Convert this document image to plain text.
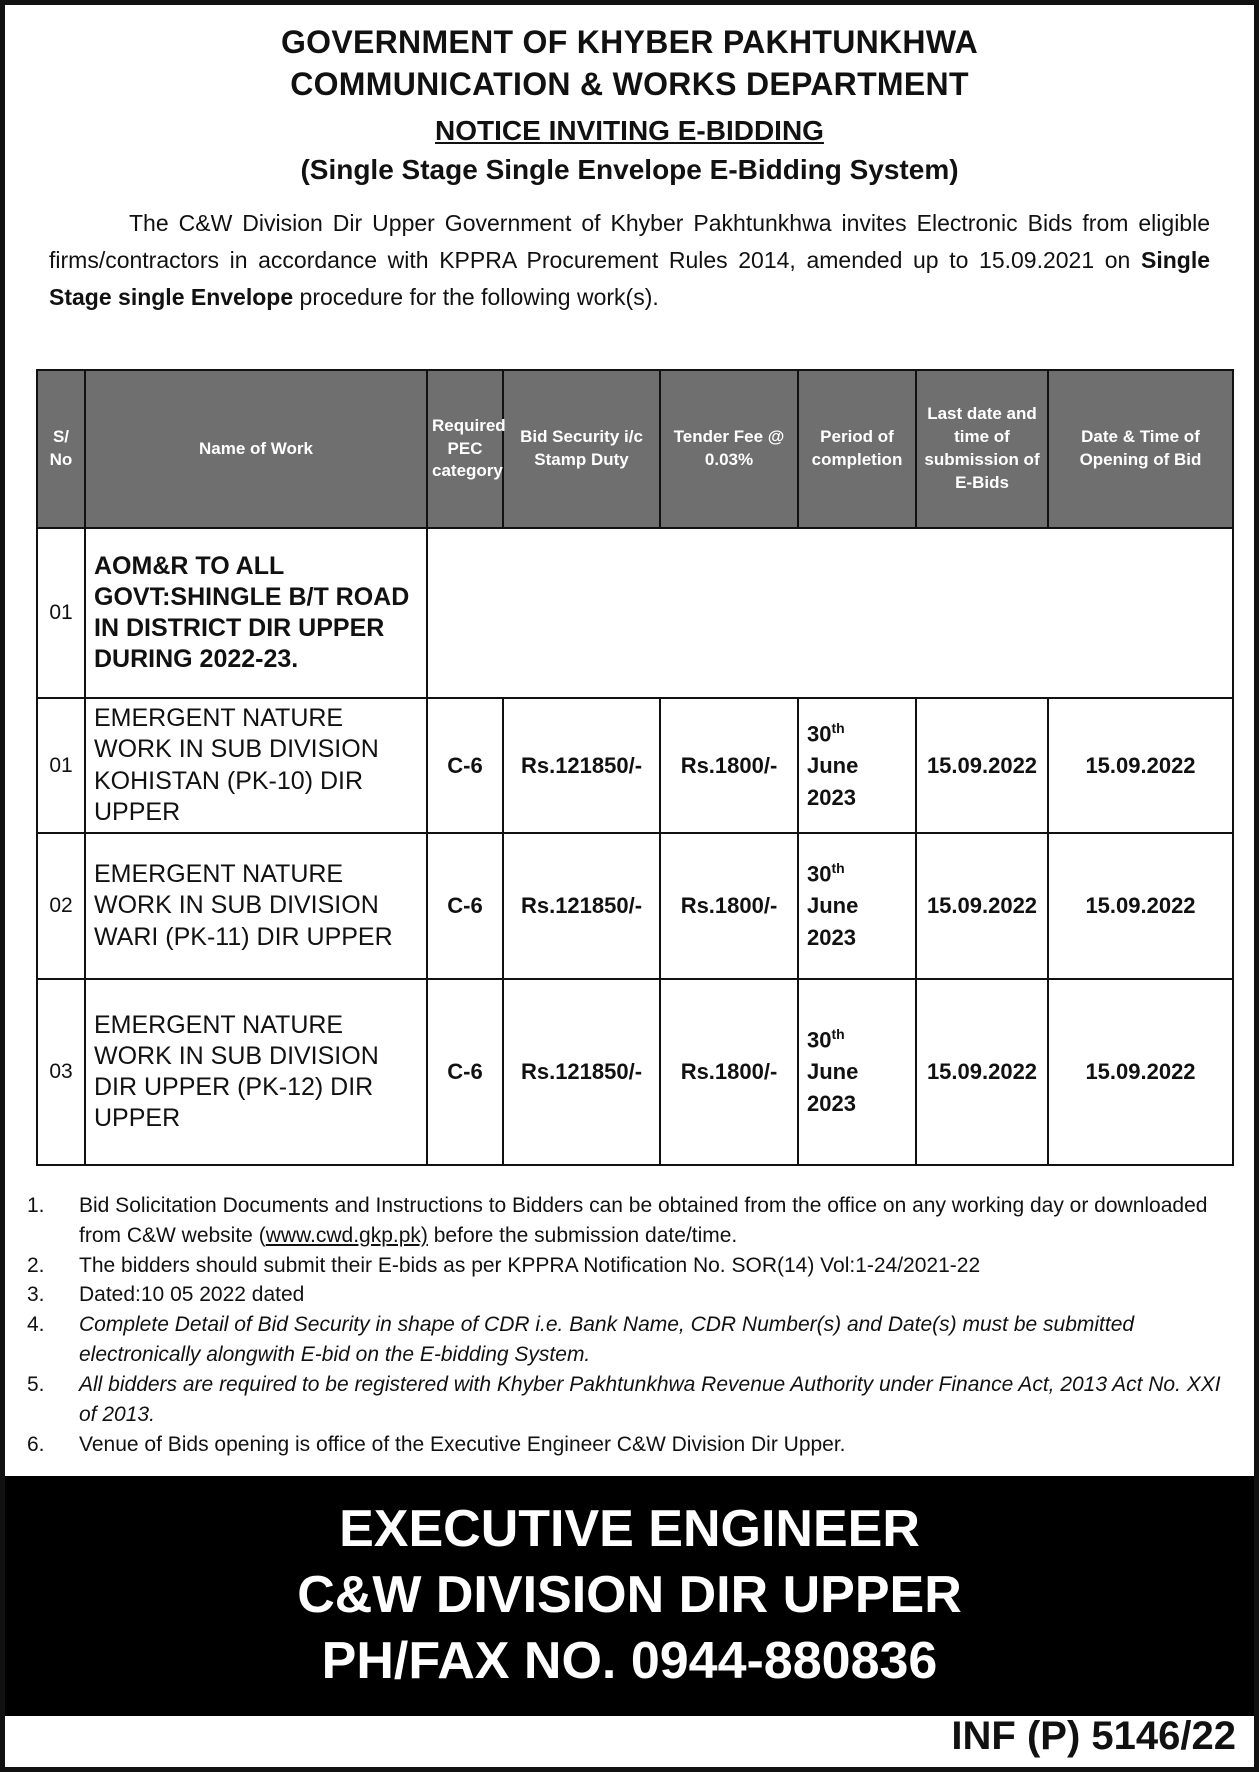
GOVERNMENT OF KHYBER PAKHTUNKHWA
COMMUNICATION & WORKS DEPARTMENT
NOTICE INVITING E-BIDDING
(Single Stage Single Envelope E-Bidding System)
The C&W Division Dir Upper Government of Khyber Pakhtunkhwa invites Electronic Bids from eligible firms/contractors in accordance with KPPRA Procurement Rules 2014, amended up to 15.09.2021 on Single Stage single Envelope procedure for the following work(s).
S/ No	Name of Work	Required PEC category	Bid Security i/c Stamp Duty	Tender Fee @ 0.03%	Period of completion	Last date and time of submission of E-Bids	Date & Time of Opening of Bid
01	AOM&R TO ALL GOVT:SHINGLE B/T ROAD IN DISTRICT DIR UPPER DURING 2022-23.						
01	EMERGENT NATURE WORK IN SUB DIVISION KOHISTAN (PK-10) DIR UPPER	C-6	Rs.121850/-	Rs.1800/-	30th
June 2023	15.09.2022	15.09.2022
02	EMERGENT NATURE WORK IN SUB DIVISION WARI (PK-11) DIR UPPER	C-6	Rs.121850/-	Rs.1800/-	30th
June 2023	15.09.2022	15.09.2022
03	EMERGENT NATURE WORK IN SUB DIVISION DIR UPPER (PK-12) DIR UPPER	C-6	Rs.121850/-	Rs.1800/-	30th
June 2023	15.09.2022	15.09.2022
1.	Bid Solicitation Documents and Instructions to Bidders can be obtained from the office on any working day or downloaded from C&W website (www.cwd.gkp.pk) before the submission date/time.
2.	The bidders should submit their E-bids as per KPPRA Notification No. SOR(14) Vol:1-24/2021-22
3.	Dated:10 05 2022 dated
4.	Complete Detail of Bid Security in shape of CDR i.e. Bank Name, CDR Number(s) and Date(s) must be submitted electronically alongwith E-bid on the E-bidding System.
5.	All bidders are required to be registered with Khyber Pakhtunkhwa Revenue Authority under Finance Act, 2013 Act No. XXI of 2013.
6.	Venue of Bids opening is office of the Executive Engineer C&W Division Dir Upper.
EXECUTIVE ENGINEER
C&W DIVISION DIR UPPER
PH/FAX NO. 0944-880836
INF (P) 5146/22
